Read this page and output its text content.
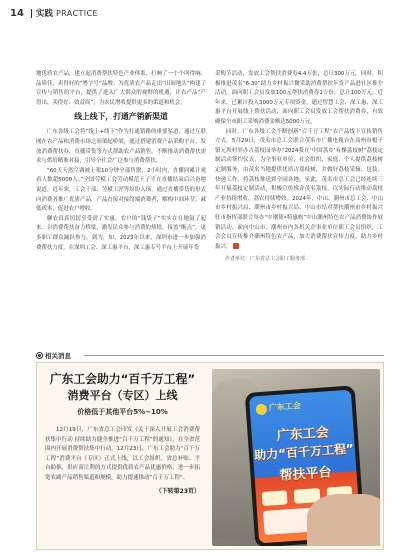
14 实践 PRACTICE

地优质农产品，建立起消费帮扶特色产业体系，打响了一个个叫得响、品质佳、卖得好的“粤字号”品牌。为优质农产品走出“田间地头”构建了宣传与销售的平台，提供了进入广大群众的视野的机遇，让农产品“产得出、卖得好、效益高”，为农民增收提供更多的渠道和机会。

线上线下，打通产销新渠道

广东各级工会将“线上+线下”作为打通销路的重要渠道，通过互联网在农产品和消费市场之间架起桥梁，通过搭建消费产品采购平台、发放消费帮扶券、直播带货等方式帮助农产品销售，不断推动消费帮扶需求与供给精准对接，引导全社会广泛参与消费帮扶。

“60天天然空调被上架10分钟全部售罄，2小时内，直播间累计观看人数超5000人。”全国劳模工会劳动模范王子平在直播结束后兴奋地说道。近年来，工会干部、劳模工匠等纷纷入场，通过直播带货的形式向消费者推广优质产品，产品直接对接终端消费者，解构中间环节，减低成本，促进农户增收。

聊农真真切切享受到了实惠，农户的“钱袋子”实实在在地鼓了起来。以消费帮扶奋力桥梁，激发民众参与消费的热情，接盖“断点”，更多职工群众踊跃参与。到为，如，2023年以来，深圳市进一步加强消费帮扶力度，在深圳工会、深工惠平台、深工惠专号平台上开展年货

采购节活动，发放工会帮扶消费券4.4万张，总计300万元。同时，积极推进茂名“6·30”助力乡村振兴微采助消费帮扶年货产品进社区推介活动，面向职工会员发放100元帮扶消费券1万份，总计100万元。近年来，已累计投入3000万元专项资金，通过智慧工会、深工惠、深工惠平台开展线上帮扶活动，面向职工会员发放工会帮扶消费券，有效确保全市职工采购消费金额达5000万元。

同时，广东各级工会不断创新“百千万工程”农产品线下宣传销售方式。5月29日，茂名市总工会联合茂名市广播电视台在高州市根子镇元坝村举办古荔枝园举办“2024我在‘中国荔乡’有棵荔枝树”荔枝定制活动签约仪式，为全事业单位、社会组织、家庭、个人提供荔枝树定制服务，由茂名当地提供优质古荔枝树，并做好荔枝采摘、包装、快递工作，将荔枝推送到全国各地。至此，茂名市总工会已经连续三年开展荔枝定制活动，积极宣传推介茂名荔枝，以实际行动推动荔枝产业持续增收，荔农持续增收。2024年，中山、潮州市总工会、中山市乡村振兴局、潮州市乡村振兴局、中山市结对帮扶潮州市乡村振兴驻市指挥部联合举办“中潮情•特惠购”中山潮州特色农产品消费协作展销活动，面向中山市、潮州市内各机关企事业单位职工会员组织，工会会员宣传推介潮州特色农产品，加大消费帮扶宣传力度，助力乡村振兴。

作者单位：广东省总工会职工服务部

相关消息
广东工会助力“百千万工程”
消费平台（专区）上线
价格低于其他平台5%~10%

12月19日，广东省总工会印发《关于深入开展工会消费帮扶集中行动 持续助力健全推进“百千万工程”的通知》，在全省范围内开展消费帮扶集中行动。12月23日，广东工会助力“百千万工程”消费平台（专区）正式上线，以工会组织，省总补贴、平台助推，供应商让利的方式提供优质农产品优惠价格，进一步拓宽农副产品销售渠道和规模，助力提速推动“百千万工程”。

（下转第23页）
广东工会
广东工会
助力“百千万工程”
帮扶平台
